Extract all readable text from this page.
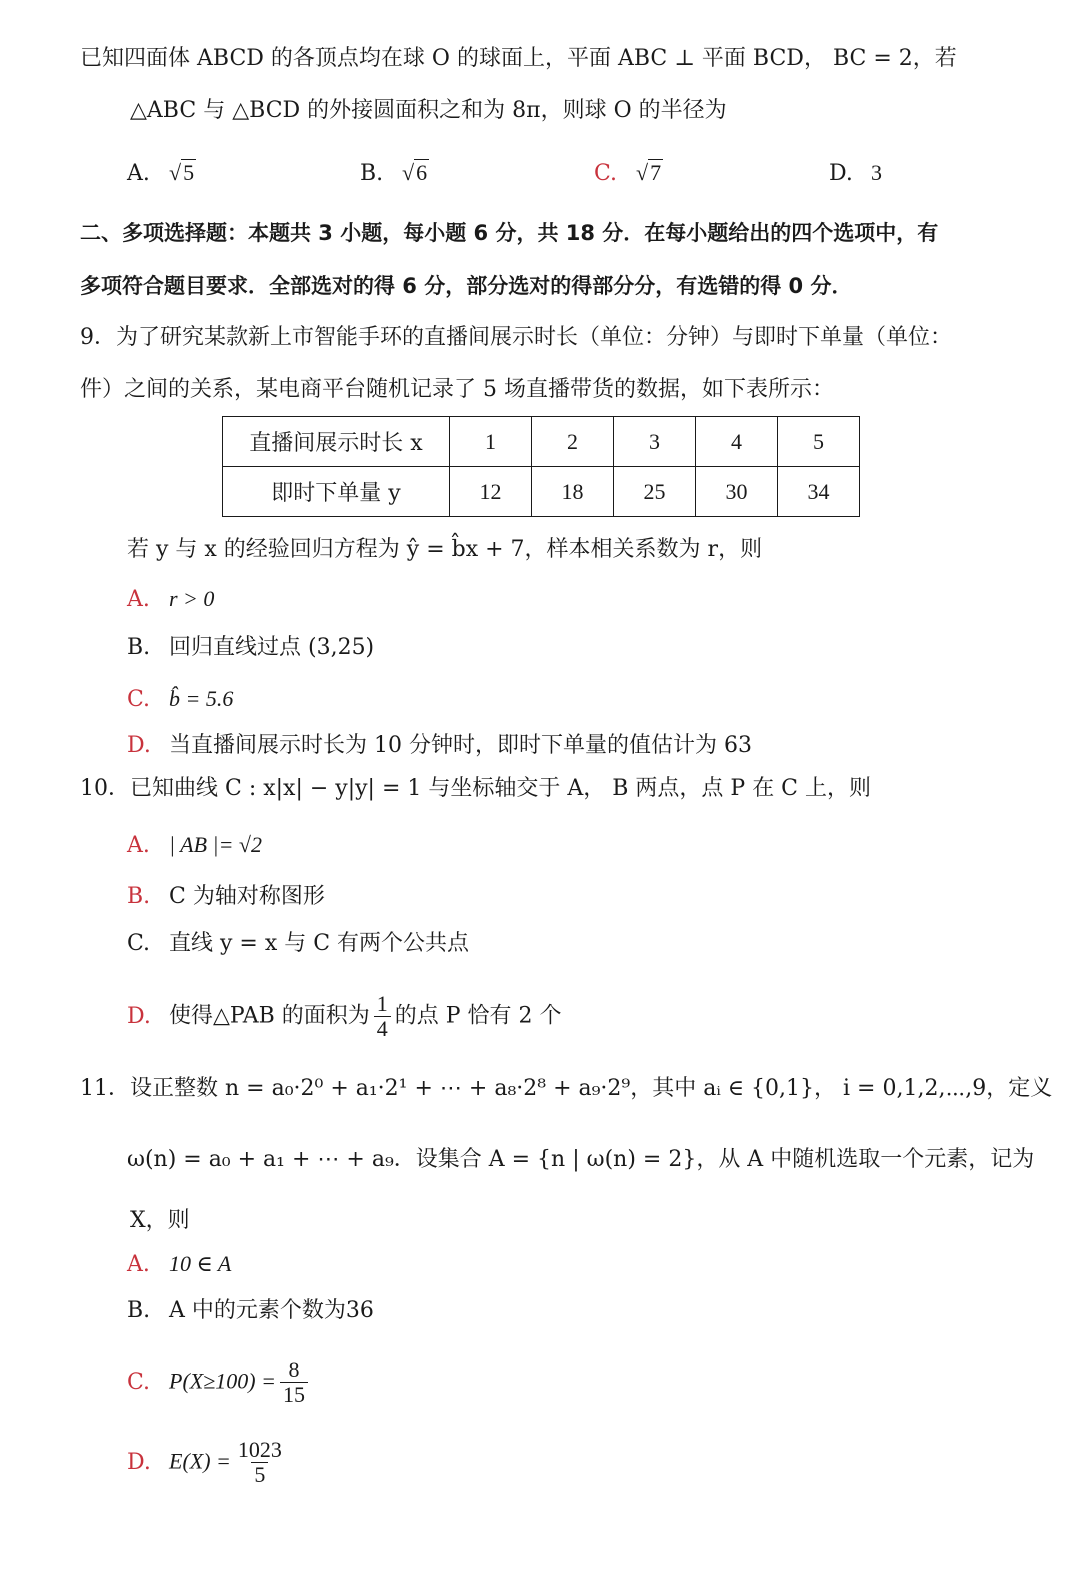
已知四面体 ABCD 的各顶点均在球 O 的球面上，平面 ABC ⊥ 平面 BCD， BC = 2，若
△ABC 与 △BCD 的外接圆面积之和为 8π，则球 O 的半径为
A. √5	B. √6	C. √7	D. 3
二、多项选择题：本题共 3 小题，每小题 6 分，共 18 分．在每小题给出的四个选项中，有
多项符合题目要求．全部选对的得 6 分，部分选对的得部分分，有选错的得 0 分．
9．为了研究某款新上市智能手环的直播间展示时长（单位：分钟）与即时下单量（单位：
件）之间的关系，某电商平台随机记录了 5 场直播带货的数据，如下表所示：
直播间展示时长 x	1	2	3	4	5
即时下单量 y	12	18	25	30	34
若 y 与 x 的经验回归方程为 ŷ = b̂x + 7，样本相关系数为 r，则
A. r > 0
B. 回归直线过点 (3,25)
C. b̂ = 5.6
D. 当直播间展示时长为 10 分钟时，即时下单量的值估计为 63
10．已知曲线 C : x|x| − y|y| = 1 与坐标轴交于 A， B 两点，点 P 在 C 上，则
A. | AB |= √2
B. C 为轴对称图形
C. 直线 y = x 与 C 有两个公共点
D. 使得△PAB 的面积为 $\frac{1}{4}$ 的点 P 恰有 2 个
11．设正整数 n = a₀·2⁰ + a₁·2¹ + ⋯ + a₈·2⁸ + a₉·2⁹，其中 aᵢ ∈ {0,1}， i = 0,1,2,⋯,9，定义
ω(n) = a₀ + a₁ + ⋯ + a₉．设集合 A = {n | ω(n) = 2}，从 A 中随机选取一个元素，记为
X，则
A. 10 ∈ A
B. A 中的元素个数为36
C. $P(X\ge 100) = \frac{8}{15}$
D. $E(X) = \frac{1023}{5}$
